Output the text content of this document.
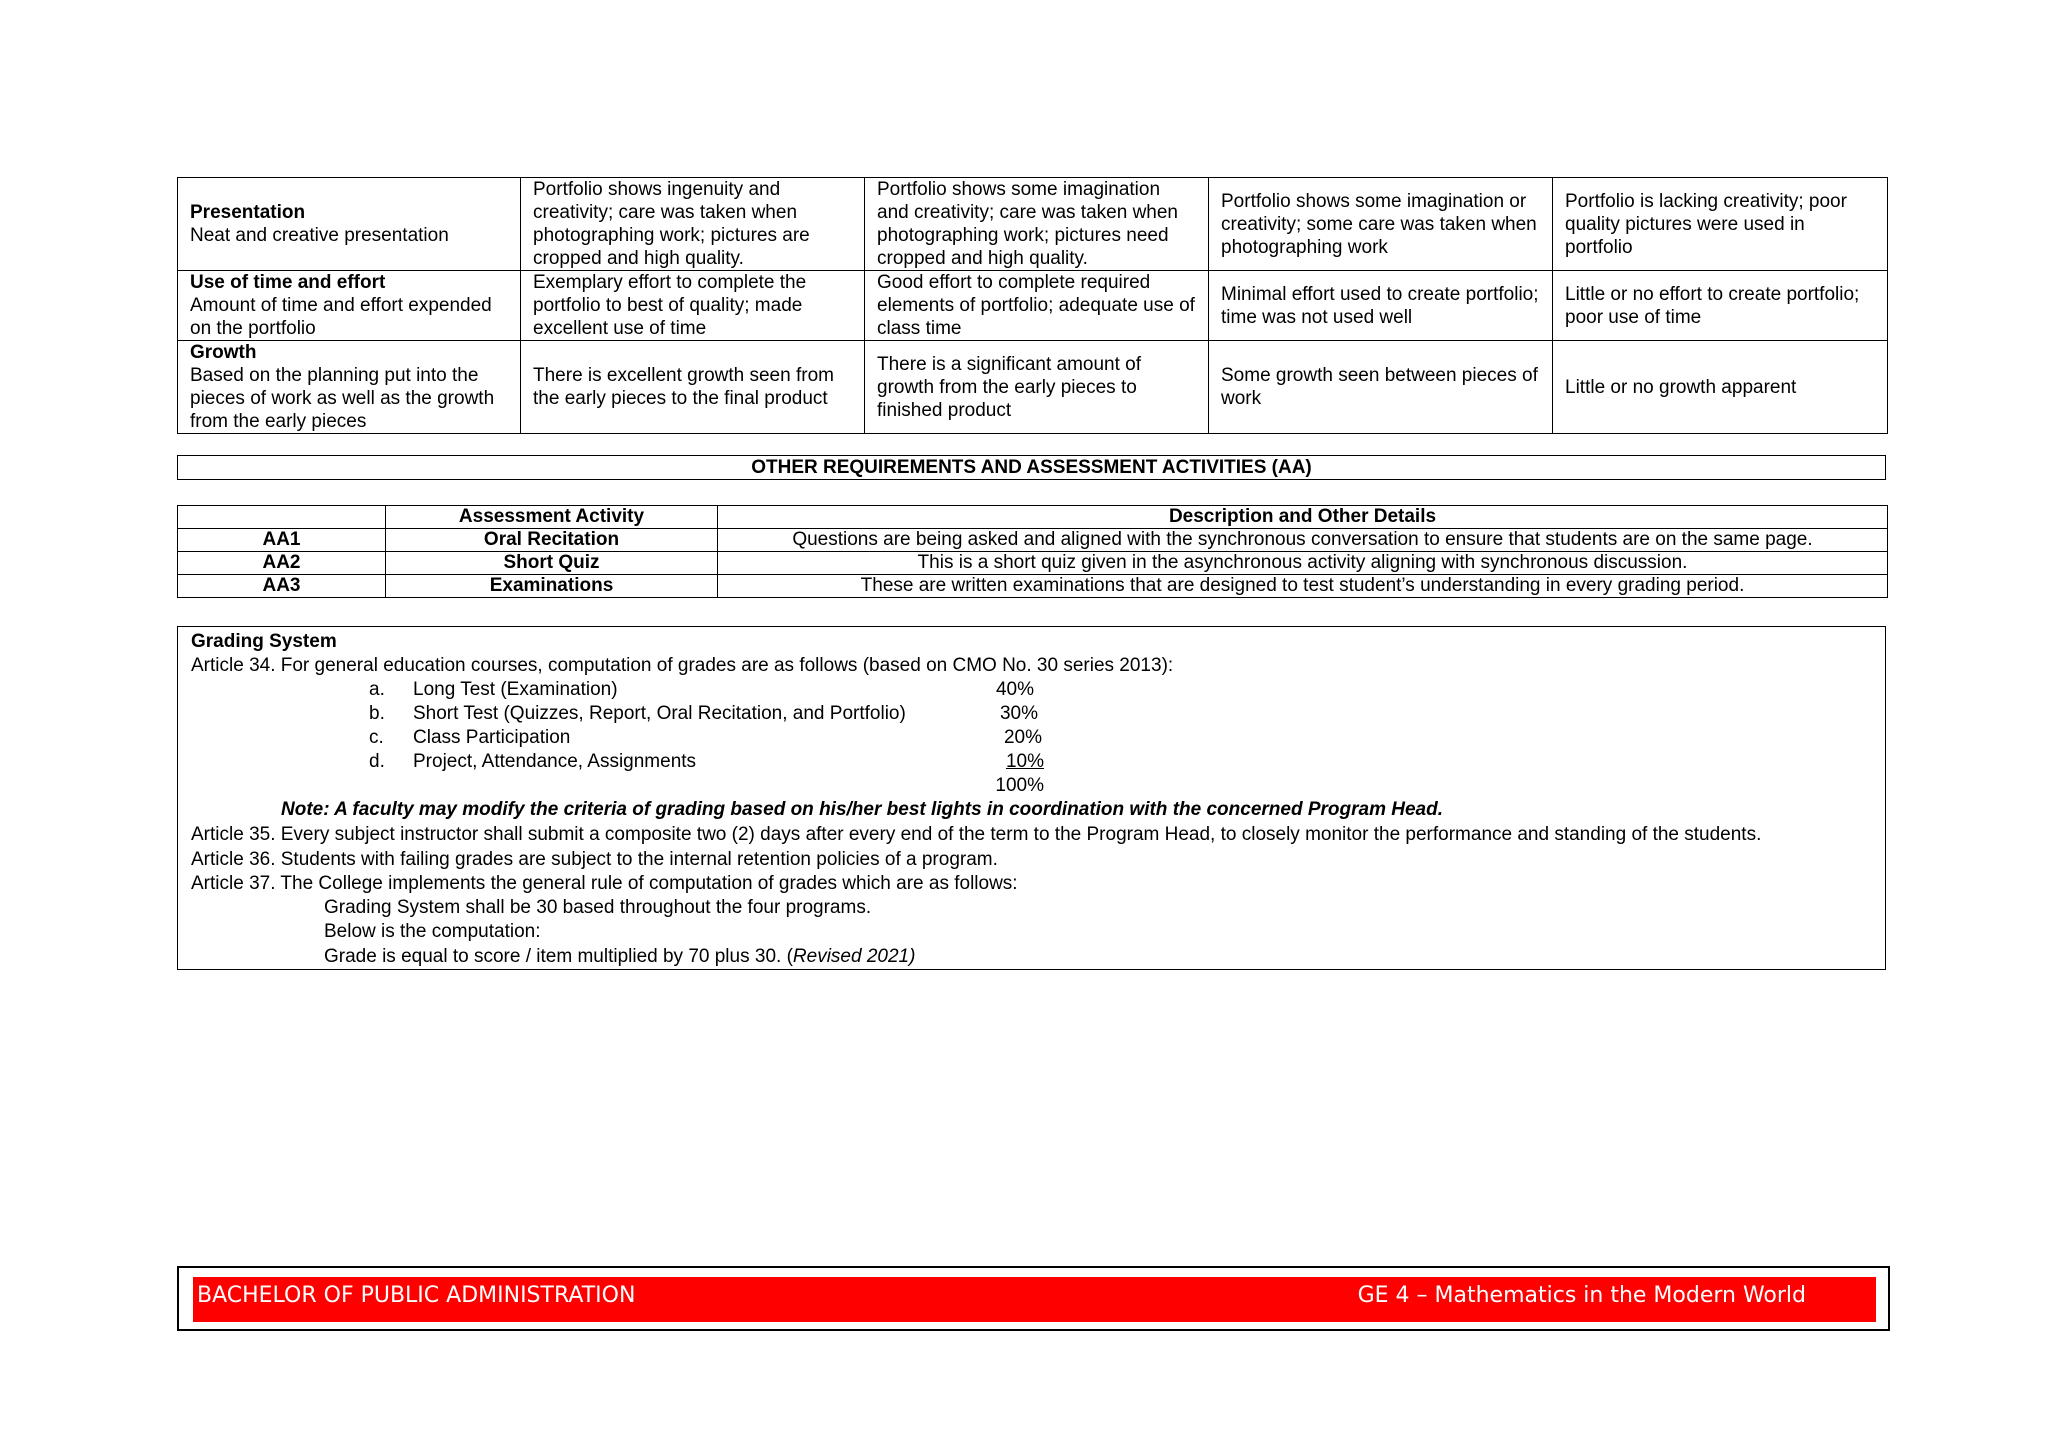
Presentation
Neat and creative presentation	Portfolio shows ingenuity and creativity; care was taken when photographing work; pictures are cropped and high quality.	Portfolio shows some imagination and creativity; care was taken when photographing work; pictures need cropped and high quality.	Portfolio shows some imagination or creativity; some care was taken when photographing work	Portfolio is lacking creativity; poor quality pictures were used in portfolio

Use of time and effort
Amount of time and effort expended on the portfolio	Exemplary effort to complete the portfolio to best of quality; made excellent use of time	Good effort to complete required elements of portfolio; adequate use of class time	Minimal effort used to create portfolio; time was not used well	Little or no effort to create portfolio; poor use of time

Growth
Based on the planning put into the pieces of work as well as the growth from the early pieces	There is excellent growth seen from the early pieces to the final product	There is a significant amount of growth from the early pieces to finished product	Some growth seen between pieces of work	Little or no growth apparent
OTHER REQUIREMENTS AND ASSESSMENT ACTIVITIES (AA)
	Assessment Activity	Description and Other Details
AA1	Oral Recitation	Questions are being asked and aligned with the synchronous conversation to ensure that students are on the same page.
AA2	Short Quiz	This is a short quiz given in the asynchronous activity aligning with synchronous discussion.
AA3	Examinations	These are written examinations that are designed to test student’s understanding in every grading period.
Grading System
Article 34. For general education courses, computation of grades are as follows (based on CMO No. 30 series 2013):
a.	Long Test (Examination)	40%
b.	Short Test (Quizzes, Report, Oral Recitation, and Portfolio)	30%
c.	Class Participation	20%
d.	Project, Attendance, Assignments	10%
100%
Note: A faculty may modify the criteria of grading based on his/her best lights in coordination with the concerned Program Head.
Article 35. Every subject instructor shall submit a composite two (2) days after every end of the term to the Program Head, to closely monitor the performance and standing of the students.
Article 36. Students with failing grades are subject to the internal retention policies of a program.
Article 37. The College implements the general rule of computation of grades which are as follows:
Grading System shall be 30 based throughout the four programs.
Below is the computation:
Grade is equal to score / item multiplied by 70 plus 30. (Revised 2021)
BACHELOR OF PUBLIC ADMINISTRATION	GE 4 – Mathematics in the Modern World
